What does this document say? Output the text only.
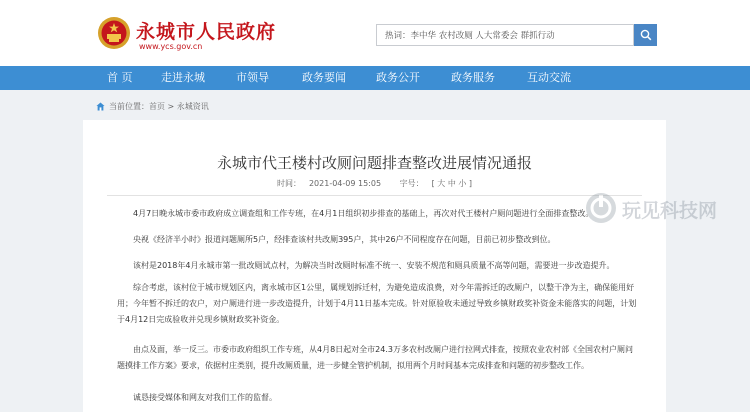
永城市人民政府
www.ycs.gov.cn
热词：李中华 农村改厕 人大常委会 群抓行动
首 页	走进永城	市领导	政务要闻	政务公开	政务服务	互动交流
当前位置： 首页 > 永城资讯
永城市代王楼村改厕问题排查整改进展情况通报
时间： 2021-04-09 15:05 字号： [ 大 中 小 ]

4月7日晚永城市委市政府成立调查组和工作专班，在4月1日组织初步排查的基础上，再次对代王楼村户厕问题进行全面排查整改。

央视《经济半小时》报道问题厕所5户，经排查该村共改厕395户，其中26户不同程度存在问题，目前已初步整改到位。

该村是2018年4月永城市第一批改厕试点村，为解决当时改厕时标准不统一、安装不规范和厕具质量不高等问题，需要进一步改造提升。

综合考虑，该村位于城市规划区内，离永城市区1公里，属规划拆迁村，为避免造成浪费，对今年需拆迁的改厕户，以整干净为主，确保能用好用；今年暂不拆迁的农户，对户厕进行进一步改造提升，计划于4月11日基本完成。针对原验收未通过导致乡镇财政奖补资金未能落实的问题，计划于4月12日完成验收并兑现乡镇财政奖补资金。

由点及面，举一反三。市委市政府组织工作专班，从4月8日起对全市24.3万多农村改厕户进行拉网式排查，按照农业农村部《全国农村户厕问题摸排工作方案》要求，依据村庄类别，提升改厕质量，进一步健全管护机制，拟用两个月时间基本完成排查和问题的初步整改工作。

诚恳接受媒体和网友对我们工作的监督。

玩见科技网
